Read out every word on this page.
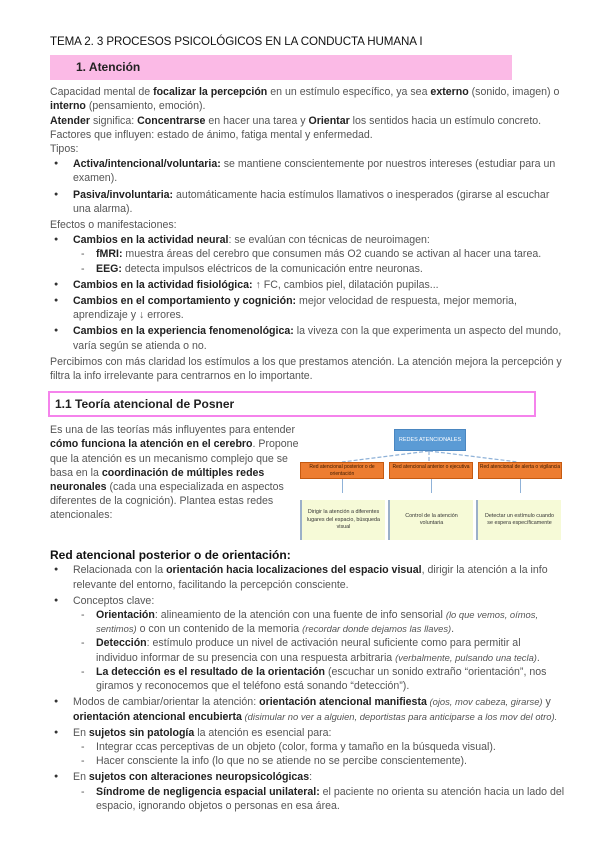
TEMA 2. 3 PROCESOS PSICOLÓGICOS EN LA CONDUCTA HUMANA I
1. Atención

Capacidad mental de focalizar la percepción en un estímulo específico, ya sea externo (sonido, imagen) o interno (pensamiento, emoción).

Atender significa: Concentrarse en hacer una tarea y Orientar los sentidos hacia un estímulo concreto.

Factores que influyen: estado de ánimo, fatiga mental y enfermedad.

Tipos:

● Activa/intencional/voluntaria: se mantiene conscientemente por nuestros intereses (estudiar para un examen).
● Pasiva/involuntaria: automáticamente hacia estímulos llamativos o inesperados (girarse al escuchar una alarma).

Efectos o manifestaciones:

● Cambios en la actividad neural: se evalúan con técnicas de neuroimagen:
- fMRI: muestra áreas del cerebro que consumen más O2 cuando se activan al hacer una tarea.
- EEG: detecta impulsos eléctricos de la comunicación entre neuronas.
● Cambios en la actividad fisiológica: ↑ FC, cambios piel, dilatación pupilas...
● Cambios en el comportamiento y cognición: mejor velocidad de respuesta, mejor memoria, aprendizaje y ↓ errores.
● Cambios en la experiencia fenomenológica: la viveza con la que experimenta un aspecto del mundo, varía según se atienda o no.

Percibimos con más claridad los estímulos a los que prestamos atención. La atención mejora la percepción y filtra la info irrelevante para centrarnos en lo importante.

1.1 Teoría atencional de Posner

Es una de las teorías más influyentes para entender cómo funciona la atención en el cerebro. Propone que la atención es un mecanismo complejo que se basa en la coordinación de múltiples redes neuronales (cada una especializada en aspectos diferentes de la cognición). Plantea estas redes atencionales:

REDES ATENCIONALES
Red atencional posterior o de orientación
Red atencional anterior o ejecutiva	Red atencional de alerta o vigilancia
Dirigir la atención a diferentes lugares del espacio, búsqueda visual
Control de la atención voluntaria
Detectar un estímulo cuando se espera específicamente
Red atencional posterior o de orientación:
● Relacionada con la orientación hacia localizaciones del espacio visual, dirigir la atención a la info relevante del entorno, facilitando la percepción consciente.
● Conceptos clave:
- Orientación: alineamiento de la atención con una fuente de info sensorial (lo que vemos, oímos, sentimos) o con un contenido de la memoria (recordar donde dejamos las llaves).
- Detección: estímulo produce un nivel de activación neural suficiente como para permitir al individuo informar de su presencia con una respuesta arbitraria (verbalmente, pulsando una tecla).
- La detección es el resultado de la orientación (escuchar un sonido extraño “orientación”, nos giramos y reconocemos que el teléfono está sonando “detección”).
● Modos de cambiar/orientar la atención: orientación atencional manifiesta (ojos, mov cabeza, girarse) y orientación atencional encubierta (disimular no ver a alguien, deportistas para anticiparse a los mov del otro).
● En sujetos sin patología la atención es esencial para:
- Integrar ccas perceptivas de un objeto (color, forma y tamaño en la búsqueda visual).
- Hacer consciente la info (lo que no se atiende no se percibe conscientemente).
● En sujetos con alteraciones neuropsicológicas:
- Síndrome de negligencia espacial unilateral: el paciente no orienta su atención hacia un lado del espacio, ignorando objetos o personas en esa área.
